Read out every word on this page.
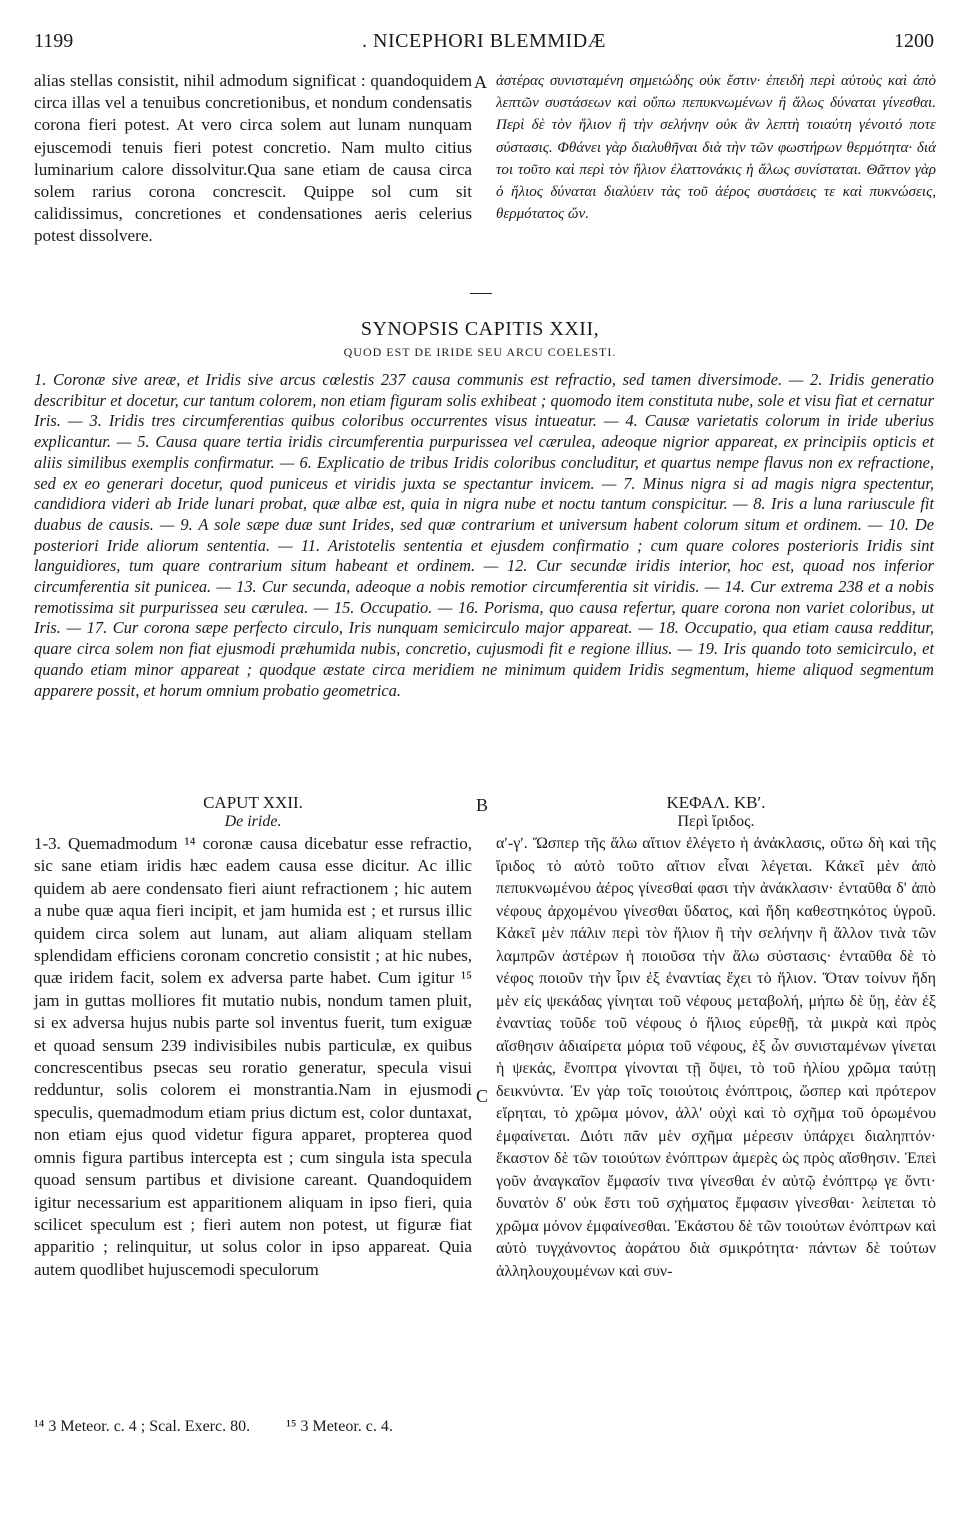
1199	. NICEPHORI BLEMMIDÆ	1200

alias stellas consistit, nihil admodum significat : quandoquidem circa illas vel a tenuibus concretionibus, et nondum condensatis corona fieri potest. At vero circa solem aut lunam nunquam ejuscemodi tenuis fieri potest concretio. Nam multo citius luminarium calore dissolvitur.Qua sane etiam de causa circa solem rarius corona concrescit. Quippe sol cum sit calidissimus, concretiones et condensationes aeris celerius potest dissolvere.

A ἀστέρας συνισταμένη σημειώδης οὐκ ἔστιν· ἐπειδὴ περὶ αὐτοὺς καὶ ἀπὸ λεπτῶν συστάσεων καὶ οὔπω πεπυκνωμένων ἢ ἄλως δύναται γίνεσθαι. Περὶ δὲ τὸν ἥλιον ἢ τὴν σελήνην οὐκ ἂν λεπτὴ τοιαύτη γένοιτό ποτε σύστασις. Φθάνει γὰρ διαλυθῆναι διὰ τὴν τῶν φωστήρων θερμότητα· διά τοι τοῦτο καὶ περὶ τὸν ἥλιον ἐλαττονάκις ἡ ἄλως συνίσταται. Θᾶττον γὰρ ὁ ἥλιος δύναται διαλύειν τὰς τοῦ ἀέρος συστάσεις τε καὶ πυκνώσεις, θερμότατος ὤν.

SYNOPSIS CAPITIS XXII,
QUOD EST DE IRIDE SEU ARCU COELESTI.
1. Coronæ sive areæ, et Iridis sive arcus cœlestis 237 causa communis est refractio, sed tamen diversimode. — 2. Iridis generatio describitur et docetur, cur tantum colorem, non etiam figuram solis exhibeat ; quomodo item constituta nube, sole et visu fiat et cernatur Iris. — 3. Iridis tres circumferentias quibus coloribus occurrentes visus intueatur. — 4. Causæ varietatis colorum in iride uberius explicantur. — 5. Causa quare tertia iridis circumferentia purpurissea vel cærulea, adeoque nigrior appareat, ex principiis opticis et aliis similibus exemplis confirmatur. — 6. Explicatio de tribus Iridis coloribus concluditur, et quartus nempe flavus non ex refractione, sed ex eo generari docetur, quod puniceus et viridis juxta se spectantur invicem. — 7. Minus nigra si ad magis nigra spectentur, candidiora videri ab Iride lunari probat, quæ albæ est, quia in nigra nube et noctu tantum conspicitur. — 8. Iris a luna rariuscule fit duabus de causis. — 9. A sole sæpe duæ sunt Irides, sed quæ contrarium et universum habent colorum situm et ordinem. — 10. De posteriori Iride aliorum sententia. — 11. Aristotelis sententia et ejusdem confirmatio ; cum quare colores posterioris Iridis sint languidiores, tum quare contrarium situm habeant et ordinem. — 12. Cur secundæ iridis interior, hoc est, quoad nos inferior circumferentia sit punicea. — 13. Cur secunda, adeoque a nobis remotior circumferentia sit viridis. — 14. Cur extrema 238 et a nobis remotissima sit purpurissea seu cærulea. — 15. Occupatio. — 16. Porisma, quo causa refertur, quare corona non variet coloribus, ut Iris. — 17. Cur corona sæpe perfecto circulo, Iris nunquam semicirculo major appareat. — 18. Occupatio, qua etiam causa redditur, quare circa solem non fiat ejusmodi præhumida nubis, concretio, cujusmodi fit e regione illius. — 19. Iris quando toto semicirculo, et quando etiam minor appareat ; quodque æstate circa meridiem ne minimum quidem Iridis segmentum, hieme aliquod segmentum apparere possit, et horum omnium probatio geometrica.
CAPUT XXII.
De iride.
B	ΚΕΦΑΛ. ΚΒʹ.
Περὶ ἴριδος.

1-3. Quemadmodum ¹⁴ coronæ causa dicebatur esse refractio, sic sane etiam iridis hæc eadem causa esse dicitur. Ac illic quidem ab aere condensato fieri aiunt refractionem ; hic autem a nube quæ aqua fieri incipit, et jam humida est ; et rursus illic quidem circa solem aut lunam, aut aliam aliquam stellam splendidam efficiens coronam concretio consistit ; at hic nubes, quæ iridem facit, solem ex adversa parte habet. Cum igitur ¹⁵ jam in guttas molliores fit mutatio nubis, nondum tamen pluit, si ex adversa hujus nubis parte sol inventus fuerit, tum exiguæ et quoad sensum 239 indivisibiles nubis particulæ, ex quibus concrescentibus psecas seu roratio generatur, specula visui redduntur, solis colorem ei monstrantia.Nam in ejusmodi speculis, quemadmodum etiam prius dictum est, color duntaxat, non etiam ejus quod videtur figura apparet, propterea quod omnis figura partibus intercepta est ; cum singula ista specula quoad sensum partibus et divisione careant. Quandoquidem igitur necessarium est apparitionem aliquam in ipso fieri, quia scilicet speculum est ; fieri autem non potest, ut figuræ fiat apparitio ; relinquitur, ut solus color in ipso appareat. Quia autem quodlibet hujuscemodi speculorum

C

αʹ-γʹ. Ὥσπερ τῆς ἅλω αἴτιον ἐλέγετο ἡ ἀνάκλασις, οὕτω δὴ καὶ τῆς ἴριδος τὸ αὐτὸ τοῦτο αἴτιον εἶναι λέγεται. Κἀκεῖ μὲν ἀπὸ πεπυκνωμένου ἀέρος γίνεσθαί φασι τὴν ἀνάκλασιν· ἐνταῦθα δ' ἀπὸ νέφους ἀρχομένου γίνεσθαι ὕδατος, καὶ ἤδη καθεστηκότος ὑγροῦ. Κἀκεῖ μὲν πάλιν περὶ τὸν ἥλιον ἢ τὴν σελήνην ἢ ἄλλον τινὰ τῶν λαμπρῶν ἀστέρων ἡ ποιοῦσα τὴν ἅλω σύστασις· ἐνταῦθα δὲ τὸ νέφος ποιοῦν τὴν ἶριν ἐξ ἐναντίας ἔχει τὸ ἥλιον. Ὅταν τοίνυν ἤδη μὲν εἰς ψεκάδας γίνηται τοῦ νέφους μεταβολή, μήπω δὲ ὕῃ, ἐὰν ἐξ ἐναντίας τοῦδε τοῦ νέφους ὁ ἥλιος εὑρεθῇ, τὰ μικρὰ καὶ πρὸς αἴσθησιν ἀδιαίρετα μόρια τοῦ νέφους, ἐξ ὧν συνισταμένων γίνεται ἡ ψεκάς, ἔνοπτρα γίνονται τῇ ὄψει, τὸ τοῦ ἡλίου χρῶμα ταύτῃ δεικνύντα. Ἐν γὰρ τοῖς τοιούτοις ἐνόπτροις, ὥσπερ καὶ πρότερον εἴρηται, τὸ χρῶμα μόνον, ἀλλ' οὐχὶ καὶ τὸ σχῆμα τοῦ ὁρωμένου ἐμφαίνεται. Διότι πᾶν μὲν σχῆμα μέρεσιν ὑπάρχει διαληπτόν· ἕκαστον δὲ τῶν τοιούτων ἐνόπτρων ἀμερὲς ὡς πρὸς αἴσθησιν. Ἐπεὶ γοῦν ἀναγκαῖον ἔμφασίν τινα γίνεσθαι ἐν αὐτῷ ἐνόπτρῳ γε ὄντι· δυνατὸν δ' οὐκ ἔστι τοῦ σχήματος ἔμφασιν γίνεσθαι· λείπεται τὸ χρῶμα μόνον ἐμφαίνεσθαι. Ἐκάστου δὲ τῶν τοιούτων ἐνόπτρων καὶ αὐτὸ τυγχάνοντος ἀοράτου διὰ σμικρότητα· πάντων δὲ τούτων ἀλληλουχουμένων καὶ συν-

¹⁴ 3 Meteor. c. 4 ; Scal. Exerc. 80. ¹⁵ 3 Meteor. c. 4.
